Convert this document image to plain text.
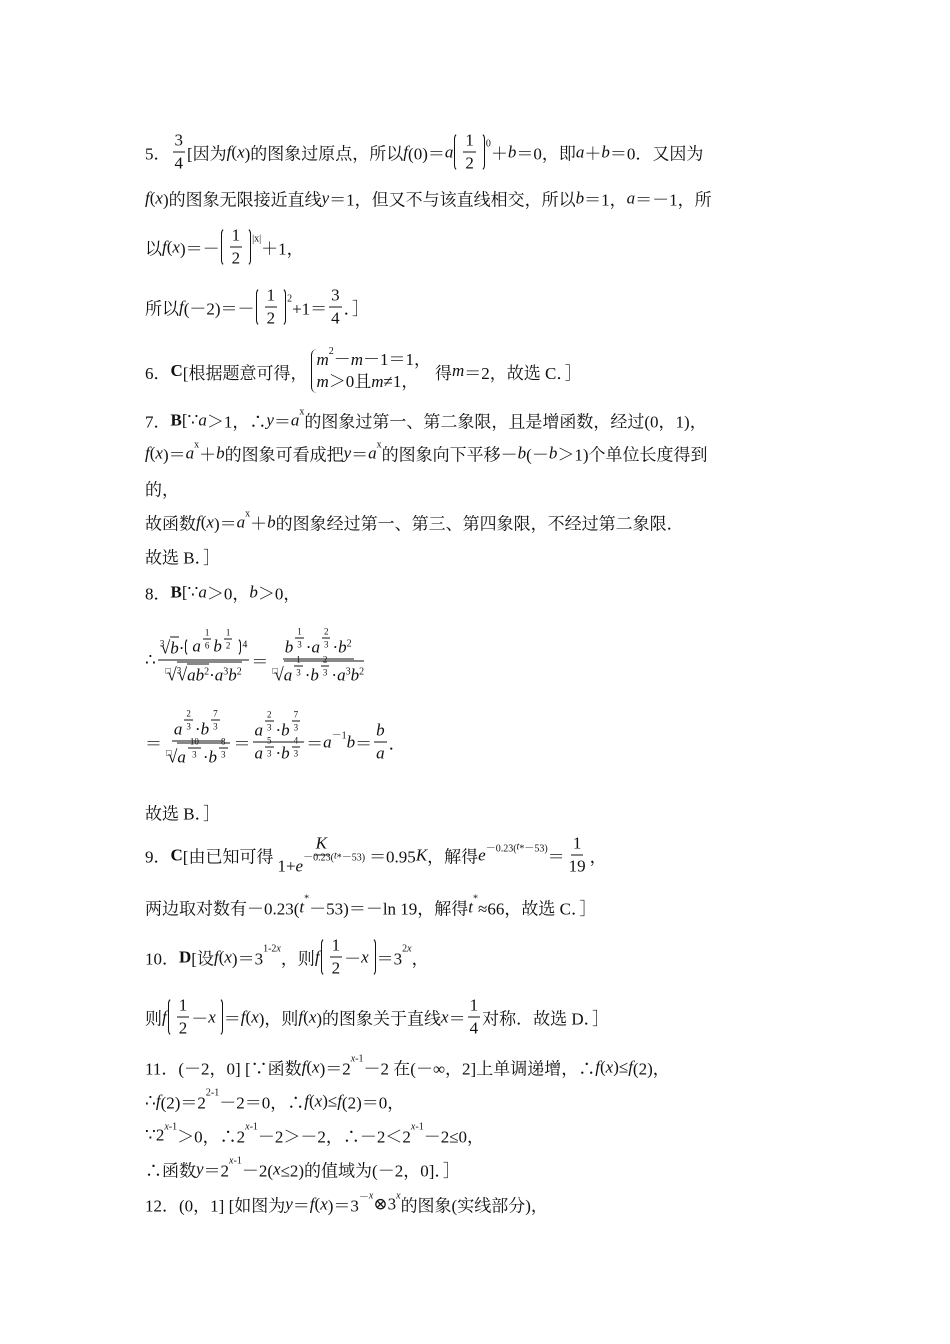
5． $\frac{3}{4}$ [因为 f ( x )的图象过原点，所以 f (0)＝ a $\frac{1}{2} ^0$
＋ b ＝0，即 a ＋ b ＝0．又因为
f ( x )的图象无限接近直线 y ＝1，但又不与该直线相交，所以 b ＝1， a ＝－1，所
以 f ( x )＝－ $\frac{1}{2} ^{|x|}$
＋1，
所以 f $(-2)=- \frac{1}{2} ^2$
$+1= \frac{3}{4}$ ．］
6． C [根据题意可得，
m $^2$ － m －1＝1，
m ＞0且 m ≠1， 得 m ＝2，故选 C．］
7． B [∵ a ＞1，∴ y ＝ a $^x$
的图象过第一、第二象限，且是增函数，经过(0，1)，
f ( x )＝ a $^x$
＋ b 的图象可看成把 y ＝ a $^x$
的图象向下平移－ b (－ b ＞1)个单位长度得到
的，
故函数 f ( x )＝ a $^x$
＋ b 的图象经过第一、第三、第四象限，不经过第二象限．
故选 B．］
8． B [∵ a ＞0， b ＞0，
∴ 3 √ b · a $^{\frac{1}{6}}$ b $^{\frac{1}{2}}$ $^4$
□ √ 3 √ a b $^2$ · a $^3$ b $^2$ ＝ b $^{\frac{1}{3}}$ · a $^{\frac{2}{3}}$ · b $^2$
□ √ a $^{\frac{1}{3}}$ · b $^{\frac{2}{3}}$ · a $^3$ b $^2$
＝ a $^{\frac{2}{3}}$ · b $^{\frac{7}{3}}$
□ √ a $^{\frac{10}{3}}$ · b $^{\frac{8}{3}}$ ＝ a $^{\frac{2}{3}}$ · b $^{\frac{7}{3}}$
a $^{\frac{5}{3}}$ · b $^{\frac{4}{3}}$ ＝ a $^{-1}$ $b = \frac{b}{a}$ ．
故选 B．］
9． C [由已知可得 $\frac{K}{1+ e ^{-0.23( t *-53)}} =0.95$ K ，解得 e $^{-0.23( t *-53)} = \frac{1}{19}$ ，
两边取对数有－0.23( t *
－53)＝－ln 19，解得 t *
≈66，故选 C．］
10． D [设 f ( x )＝3
$^{1-2 x}$
，则 f $\frac{1}{2} - x =3$
$^{2 x}$
，
则 f $\frac{1}{2} - x = f$ ( x )，则 f ( x )的图象关于直线 $x = \frac{1}{4}$ 对称．故选 D．］
11．(－2，0] [∵函数 f ( x )＝2
$^{x -1}$
－2 在(－∞，2]上单调递增，∴ f ( x )≤ f (2)，
∴ f (2)＝2
$^{2-1}$
－2＝0，∴ f ( x )≤ f (2)＝0，
∵2 $^{x -1}$
＞0，∴2
$^{x -1}$
－2＞－2，∴－2＜2
$^{x -1}$
－2≤0，
∴函数 y ＝2
$^{x -1}$
－2( x ≤2)的值域为(－2，0]．］
12．(0，1] [如图为 y ＝ f ( x )＝3 $^{- x}$ ⊗3 $^x$
的图象(实线部分)，
